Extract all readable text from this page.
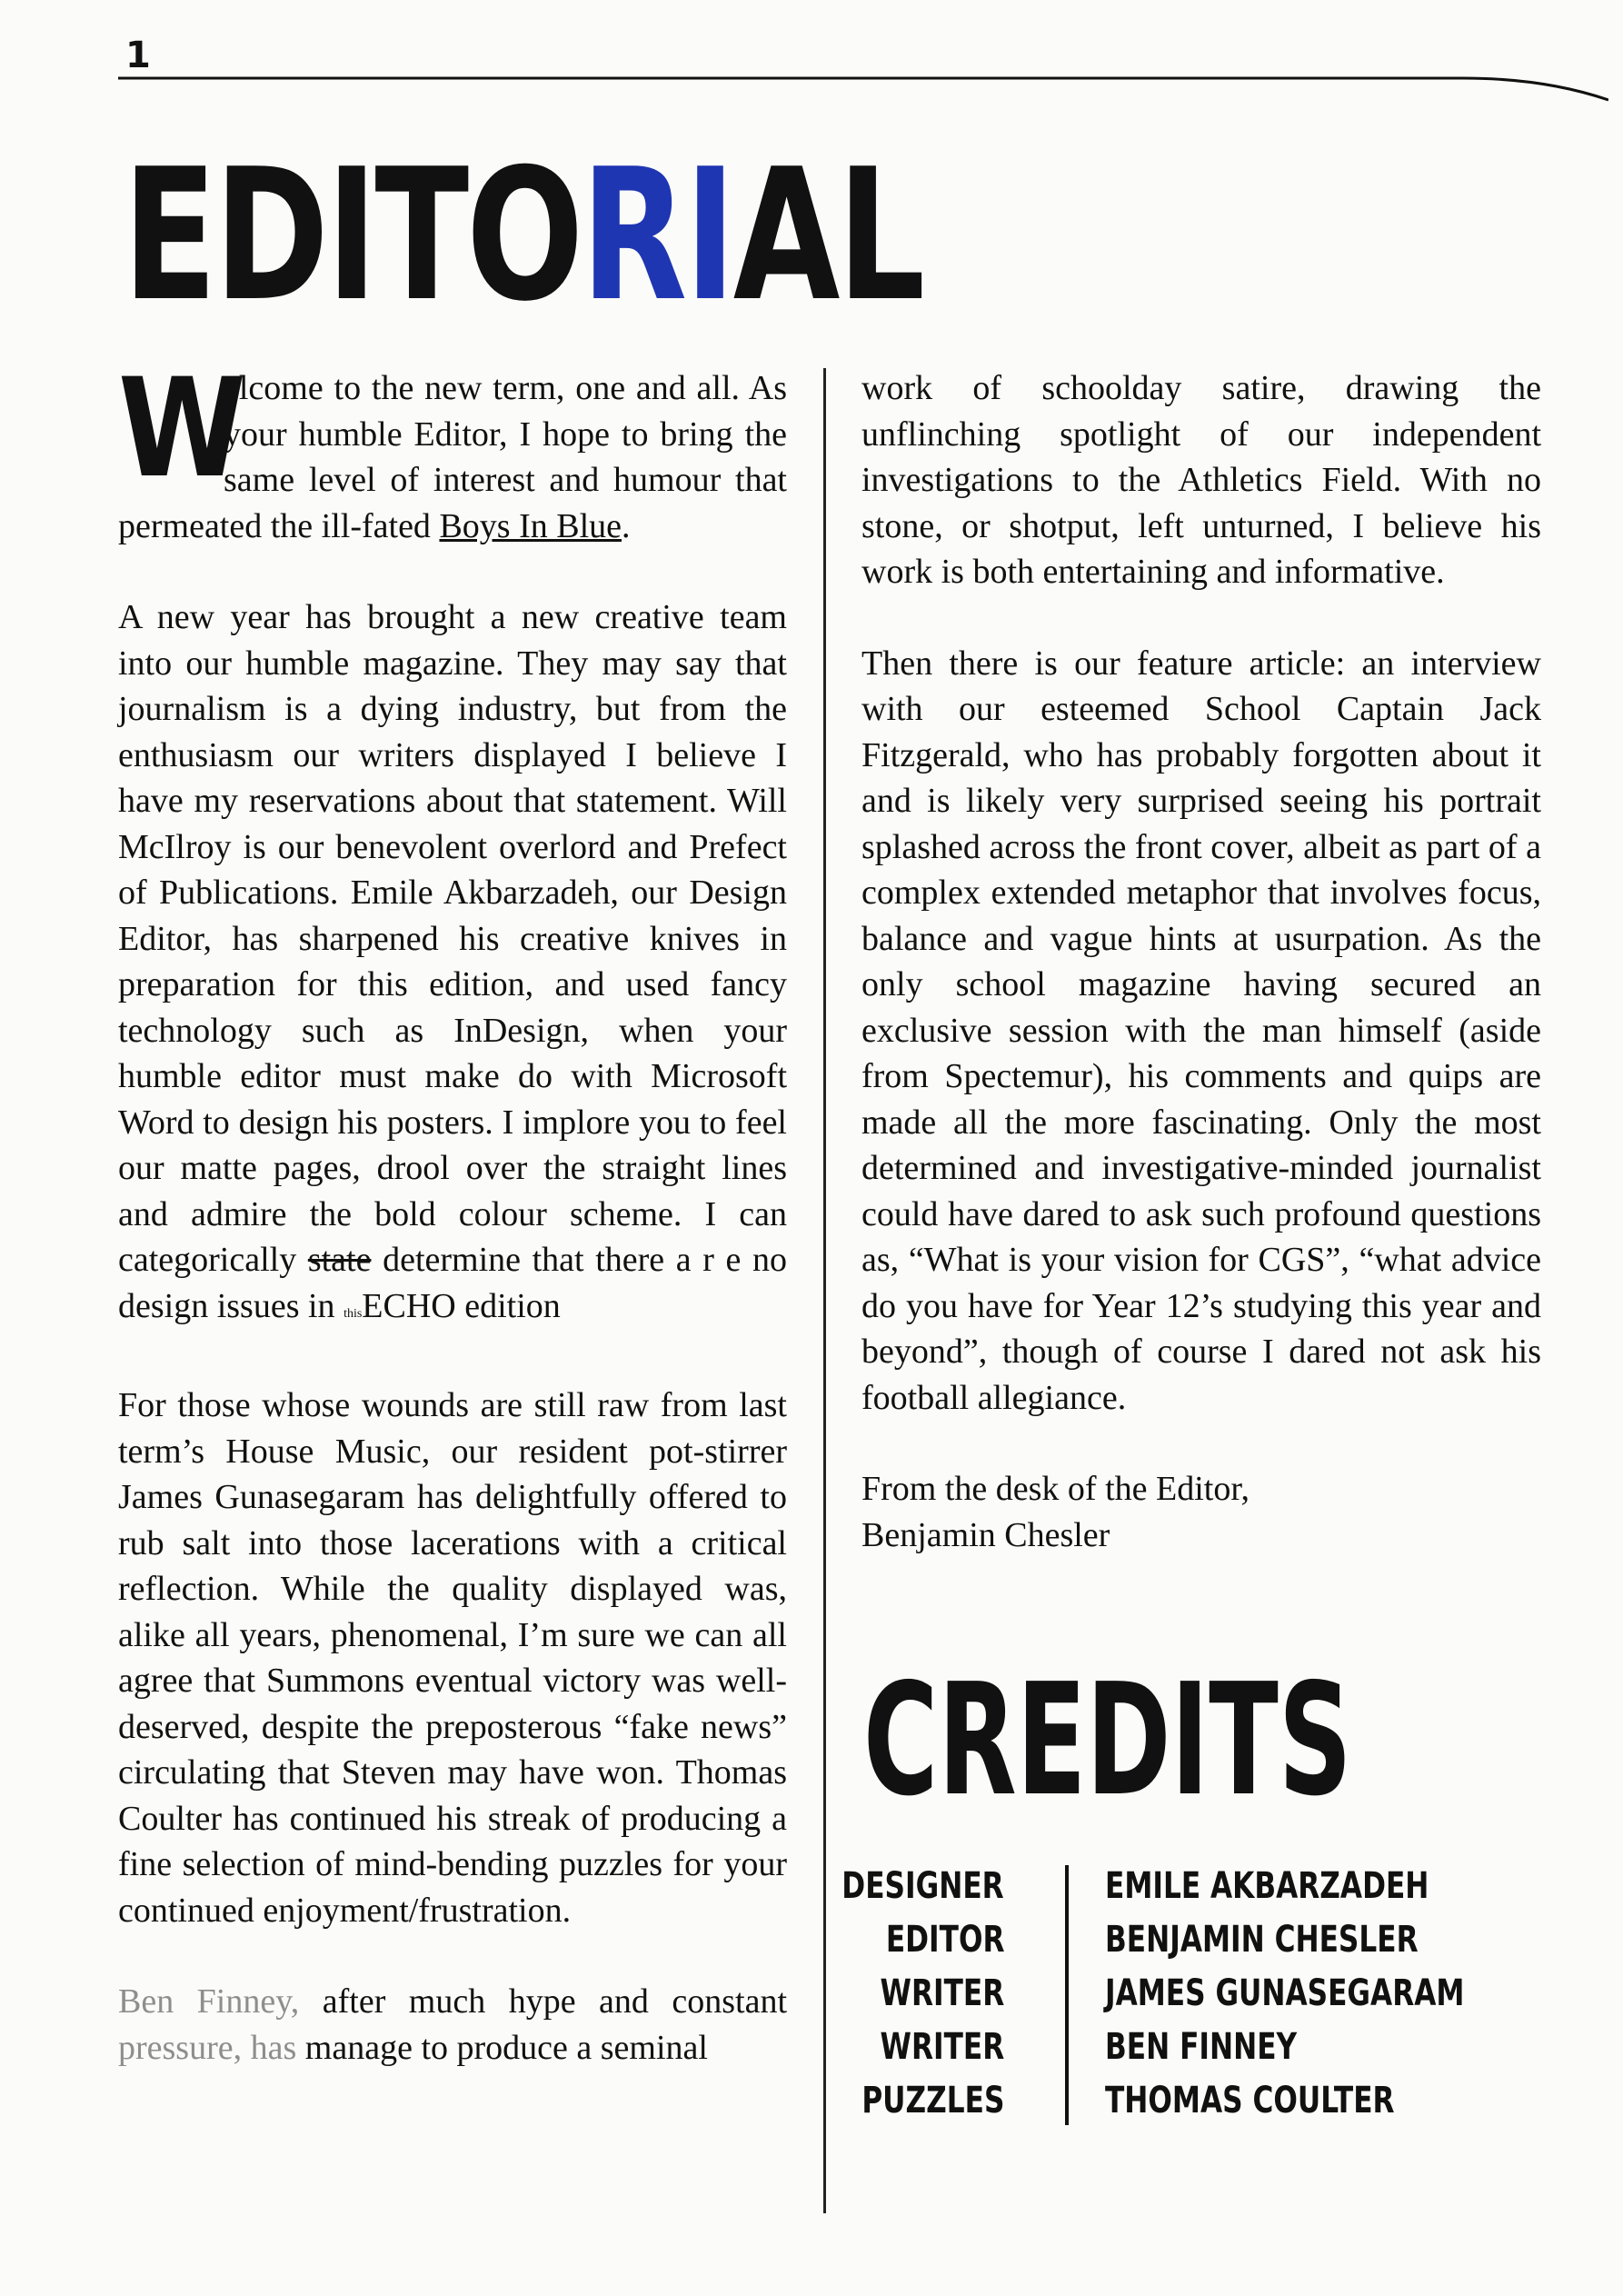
1
EDITORIAL

W
elcome to the new term, one and all. As your humble Editor, I hope to bring the same level of interest and humour that permeated the ill-fated Boys In Blue.

A new year has brought a new creative team into our humble magazine. They may say that journalism is a dying industry, but from the enthusiasm our writers displayed I believe I have my reservations about that statement. Will McIlroy is our benevolent overlord and Prefect of Publications. Emile Akbarzadeh, our Design Editor, has sharpened his creative knives in preparation for this edition, and used fancy technology such as InDesign, when your humble editor must make do with Microsoft Word to design his posters. I implore you to feel our matte pages, drool over the straight lines and admire the bold colour scheme. I can categorically state determine that there a r e no design issues in thisECHO edition

For those whose wounds are still raw from last term’s House Music, our resident pot-stirrer James Gunasegaram has delightfully offered to rub salt into those lacerations with a critical reflection. While the quality displayed was, alike all years, phenomenal, I’m sure we can all agree that Summons eventual victory was well-deserved, despite the preposterous “fake news” circulating that Steven may have won. Thomas Coulter has continued his streak of producing a fine selection of mind-bending puzzles for your continued enjoyment/frustration.

Ben Finney, after much hype and constant pressure, has manage to produce a seminal

work of schoolday satire, drawing the unflinching spotlight of our independent investigations to the Athletics Field. With no stone, or shotput, left unturned, I believe his work is both entertaining and informative.

Then there is our feature article: an interview with our esteemed School Captain Jack Fitzgerald, who has probably forgotten about it and is likely very surprised seeing his portrait splashed across the front cover, albeit as part of a complex extended metaphor that involves focus, balance and vague hints at usurpation. As the only school magazine having secured an exclusive session with the man himself (aside from Spectemur), his comments and quips are made all the more fascinating. Only the most determined and investigative-minded journalist could have dared to ask such profound questions as, “What is your vision for CGS”, “what advice do you have for Year 12’s studying this year and beyond”, though of course I dared not ask his football allegiance.

From the desk of the Editor,

Benjamin Chesler

CREDITS
DESIGNER	EMILE AKBARZADEH
EDITOR	BENJAMIN CHESLER
WRITER	JAMES GUNASEGARAM
WRITER	BEN FINNEY
PUZZLES	THOMAS COULTER
